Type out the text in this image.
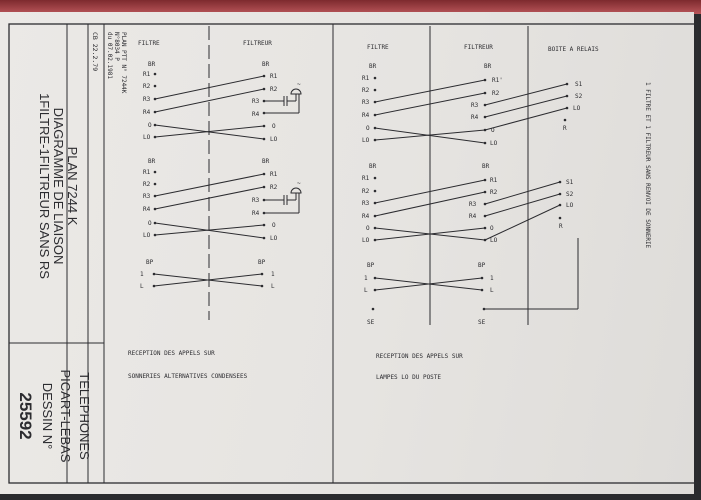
25592 DESSIN N° PICART-LEBAS TELEPHONES
1FILTRE-1FILTREUR SANS RS DIAGRAMME DE LIAISON PLAN 7244 K
CB 22.2.79 du 07.02.1981 N°8034 P PLAN PTT N° 7244K FILTRE	FILTREUR
BR	BR
R1
R2
R3
R4
O
LO
R1
R2
R3
R4
O
LO
~
BR	BR
R1
R2
R3
R4
O
LO
R1
R2
R3
R4
O
LO
~
BP	BP
1
L
1
L
RECEPTION DES APPELS SUR
SONNERIES ALTERNATIVES CONDENSEES
FILTRE	FILTREUR	BOITE A RELAIS
BR	BR
R1
R2
R3
R4
O
LO
R1'
R2
R3
R4
O
LO
S1
S2
LO
R
BR	BR
R1
R2
R3
R4
O
LO
R1
R2
R3
R4
O
LO
S1
S2
LO
R
BP	BP
1
L
1
L
SE	SE
RECEPTION DES APPELS SUR
LAMPES LO DU POSTE
1 FILTRE ET 1 FILTREUR SANS RENVOI DE SONNERIE
